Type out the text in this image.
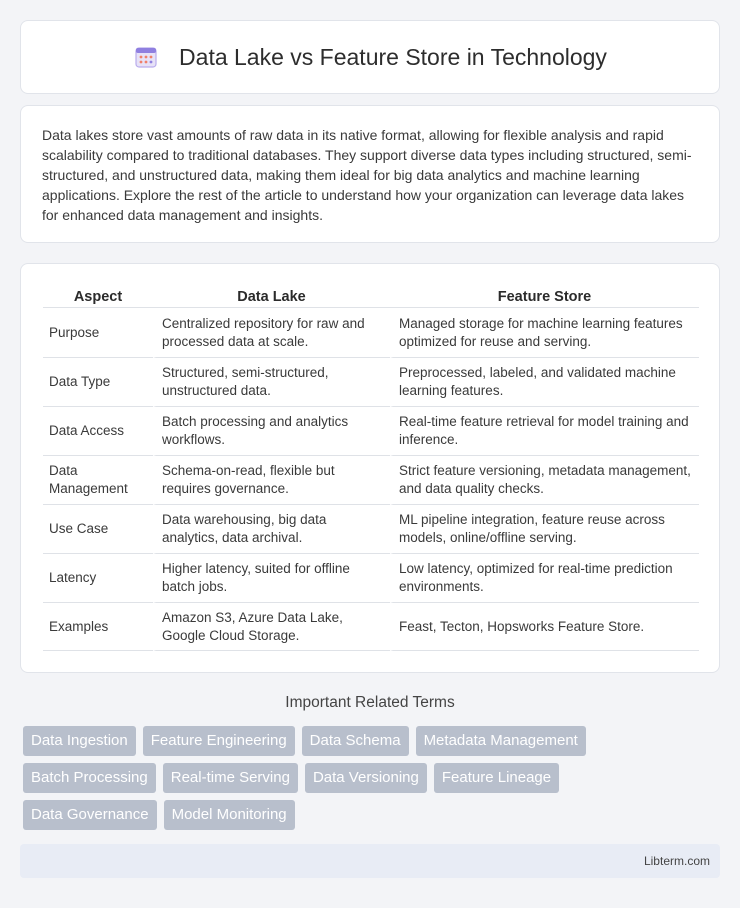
Data Lake vs Feature Store in Technology

Data lakes store vast amounts of raw data in its native format, allowing for flexible analysis and rapid scalability compared to traditional databases. They support diverse data types including structured, semi-structured, and unstructured data, making them ideal for big data analytics and machine learning applications. Explore the rest of the article to understand how your organization can leverage data lakes for enhanced data management and insights.

Aspect	Data Lake	Feature Store
Purpose	Centralized repository for raw and processed data at scale.	Managed storage for machine learning features optimized for reuse and serving.
Data Type	Structured, semi-structured, unstructured data.	Preprocessed, labeled, and validated machine learning features.
Data Access	Batch processing and analytics workflows.	Real-time feature retrieval for model training and inference.
Data Management	Schema-on-read, flexible but requires governance.	Strict feature versioning, metadata management, and data quality checks.
Use Case	Data warehousing, big data analytics, data archival.	ML pipeline integration, feature reuse across models, online/offline serving.
Latency	Higher latency, suited for offline batch jobs.	Low latency, optimized for real-time prediction environments.
Examples	Amazon S3, Azure Data Lake, Google Cloud Storage.	Feast, Tecton, Hopsworks Feature Store.
Important Related Terms
Data Ingestion	Feature Engineering	Data Schema	Metadata Management
Batch Processing	Real-time Serving	Data Versioning	Feature Lineage
Data Governance	Model Monitoring
Libterm.com
